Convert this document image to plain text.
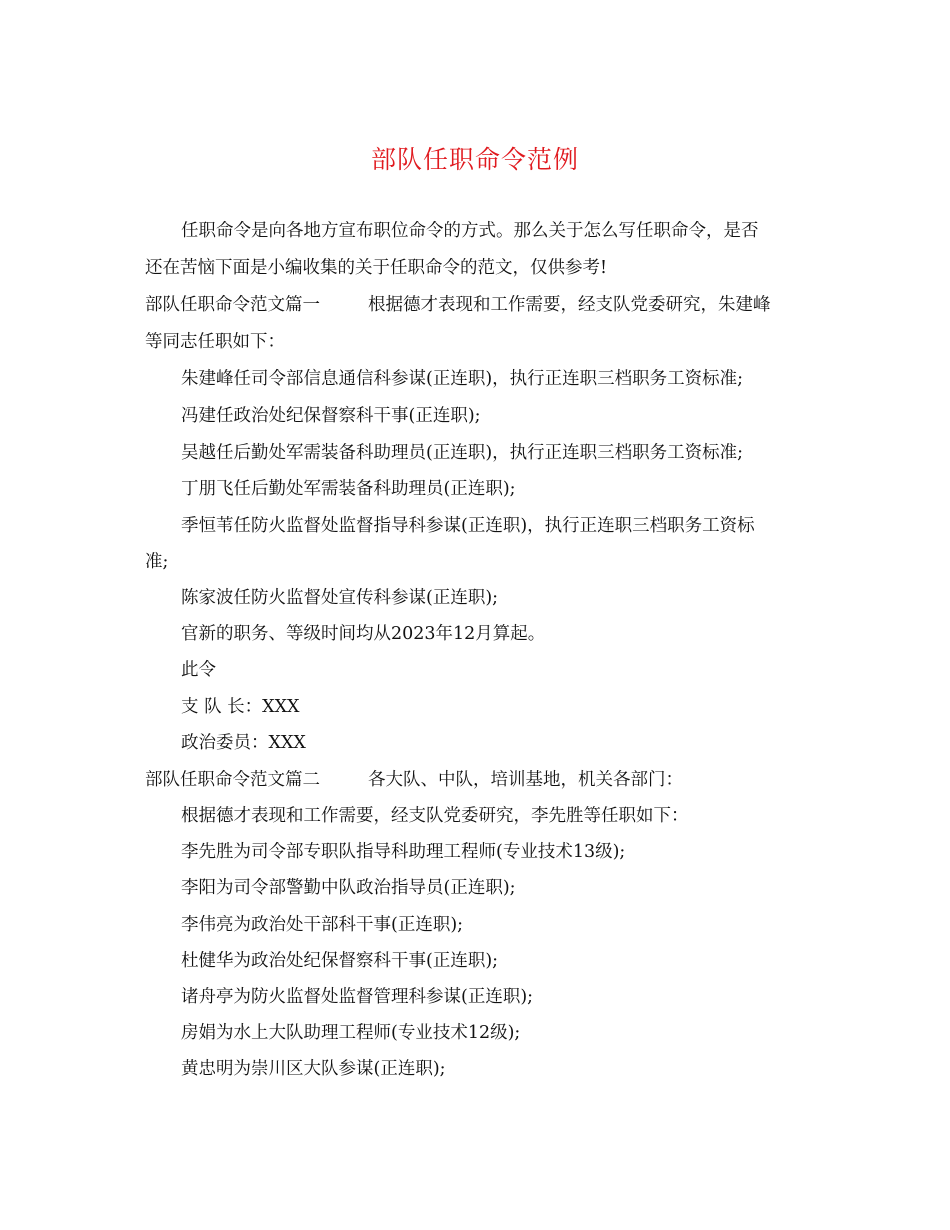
部队任职命令范例
任职命令是向各地方宣布职位命令的方式。那么关于怎么写任职命令，是否
还在苦恼下面是小编收集的关于任职命令的范文，仅供参考!
部队任职命令范文篇一	根据德才表现和工作需要，经支队党委研究，朱建峰
等同志任职如下：
朱建峰任司令部信息通信科参谋(正连职)，执行正连职三档职务工资标准;
冯建任政治处纪保督察科干事(正连职);
吴越任后勤处军需装备科助理员(正连职)，执行正连职三档职务工资标准;
丁朋飞任后勤处军需装备科助理员(正连职);
季恒苇任防火监督处监督指导科参谋(正连职)，执行正连职三档职务工资标
准;
陈家波任防火监督处宣传科参谋(正连职);
官新的职务、等级时间均从2023年12月算起。
此令
支 队 长：XXX
政治委员：XXX
部队任职命令范文篇二	各大队、中队，培训基地，机关各部门：
根据德才表现和工作需要，经支队党委研究，李先胜等任职如下：
李先胜为司令部专职队指导科助理工程师(专业技术13级);
李阳为司令部警勤中队政治指导员(正连职);
李伟亮为政治处干部科干事(正连职);
杜健华为政治处纪保督察科干事(正连职);
诸舟亭为防火监督处监督管理科参谋(正连职);
房娟为水上大队助理工程师(专业技术12级);
黄忠明为崇川区大队参谋(正连职);
